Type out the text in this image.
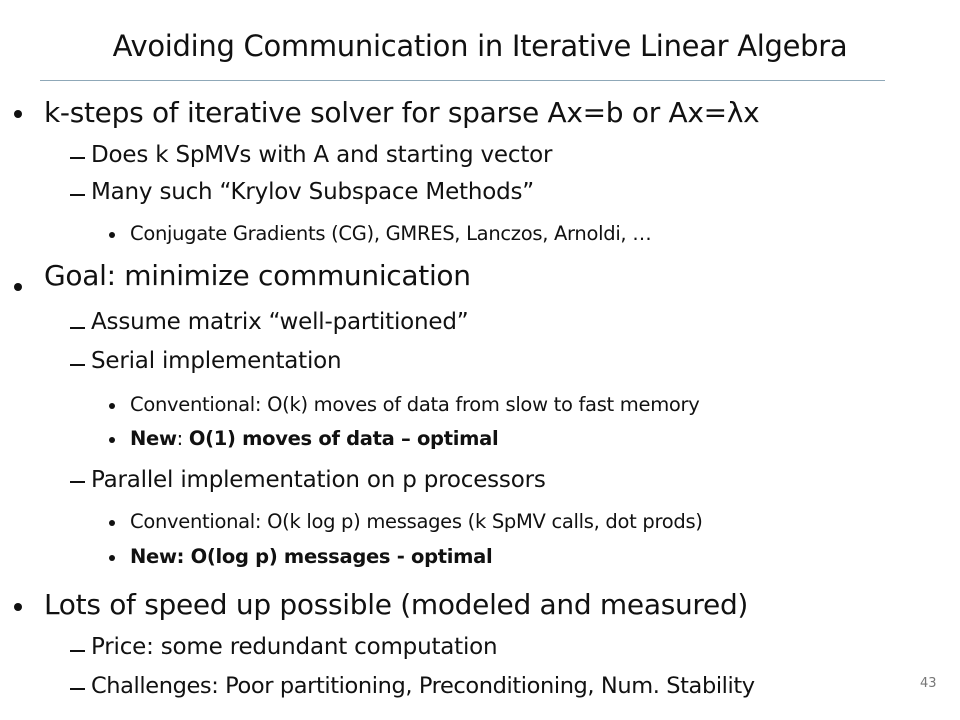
Avoiding Communication in Iterative Linear Algebra
k-steps of iterative solver for sparse Ax=b or Ax=λx
Does k SpMVs with A and starting vector
Many such “Krylov Subspace Methods”
Conjugate Gradients (CG), GMRES, Lanczos, Arnoldi, …
Goal: minimize communication
Assume matrix “well-partitioned”
Serial implementation
Conventional: O(k) moves of data from slow to fast memory
New: O(1) moves of data – optimal
Parallel implementation on p processors
Conventional: O(k log p) messages (k SpMV calls, dot prods)
New: O(log p) messages - optimal
Lots of speed up possible (modeled and measured)
Price: some redundant computation
Challenges: Poor partitioning, Preconditioning, Num. Stability	43
